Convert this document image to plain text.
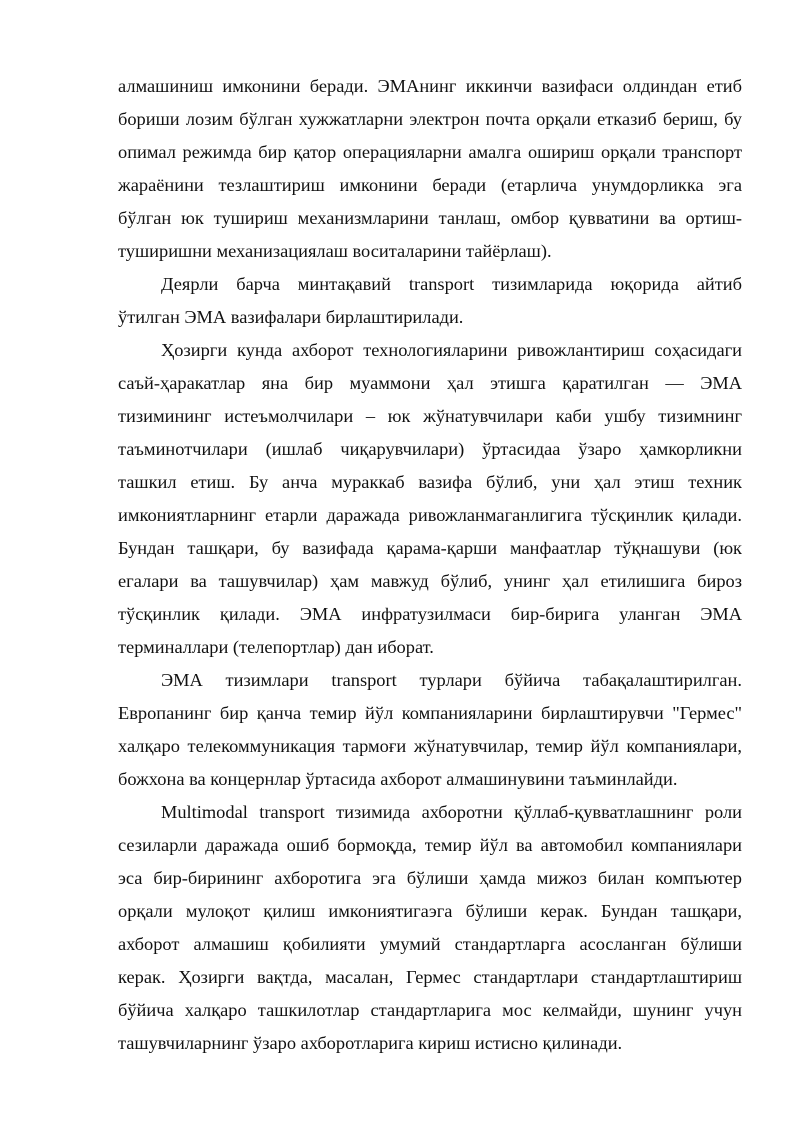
алмашиниш имконини беради. ЭМАнинг иккинчи вазифаси олдиндан етиб
бориши лозим бўлган хужжатларни электрон почта орқали етказиб бериш, бу
опимал режимда бир қатор операцияларни амалга ошириш орқали транспорт
жараёнини тезлаштириш имконини беради (етарлича унумдорликка эга
бўлган юк тушириш механизмларини танлаш, омбор қувватини ва ортиш-
туширишни механизациялаш воситаларини тайёрлаш).
Деярли барча минтақавий transport тизимларида юқорида айтиб
ўтилган ЭМА вазифалари бирлаштирилади.
Ҳозирги кунда ахборот технологияларини ривожлантириш соҳасидаги
саъй-ҳаракатлар яна бир муаммони ҳал этишга қаратилган — ЭМА
тизимининг истеъмолчилари – юк жўнатувчилари каби ушбу тизимнинг
таъминотчилари (ишлаб чиқарувчилари) ўртасидаа ўзаро ҳамкорликни
ташкил етиш. Бу анча мураккаб вазифа бўлиб, уни ҳал этиш техник
имкониятларнинг етарли даражада ривожланмаганлигига тўсқинлик қилади.
Бундан ташқари, бу вазифада қарама-қарши манфаатлар тўқнашуви (юк
егалари ва ташувчилар) ҳам мавжуд бўлиб, унинг ҳал етилишига бироз
тўсқинлик қилади. ЭМА инфратузилмаси бир-бирига уланган ЭМА
терминаллари (телепортлар) дан иборат.
ЭМА тизимлари transport турлари бўйича табақалаштирилган.
Европанинг бир қанча темир йўл компанияларини бирлаштирувчи "Гермес"
халқаро телекоммуникация тармоғи жўнатувчилар, темир йўл компаниялари,
божхона ва концернлар ўртасида ахборот алмашинувини таъминлайди.
Multimodal transport тизимида ахборотни қўллаб-қувватлашнинг роли
сезиларли даражада ошиб бормоқда, темир йўл ва автомобил компаниялари
эса бир-бирининг ахборотига эга бўлиши ҳамда мижоз билан компъютер
орқали мулоқот қилиш имкониятигаэга бўлиши керак. Бундан ташқари,
ахборот алмашиш қобилияти умумий стандартларга асосланган бўлиши
керак. Ҳозирги вақтда, масалан, Гермес стандартлари стандартлаштириш
бўйича халқаро ташкилотлар стандартларига мос келмайди, шунинг учун
ташувчиларнинг ўзаро ахборотларига кириш истисно қилинади.
